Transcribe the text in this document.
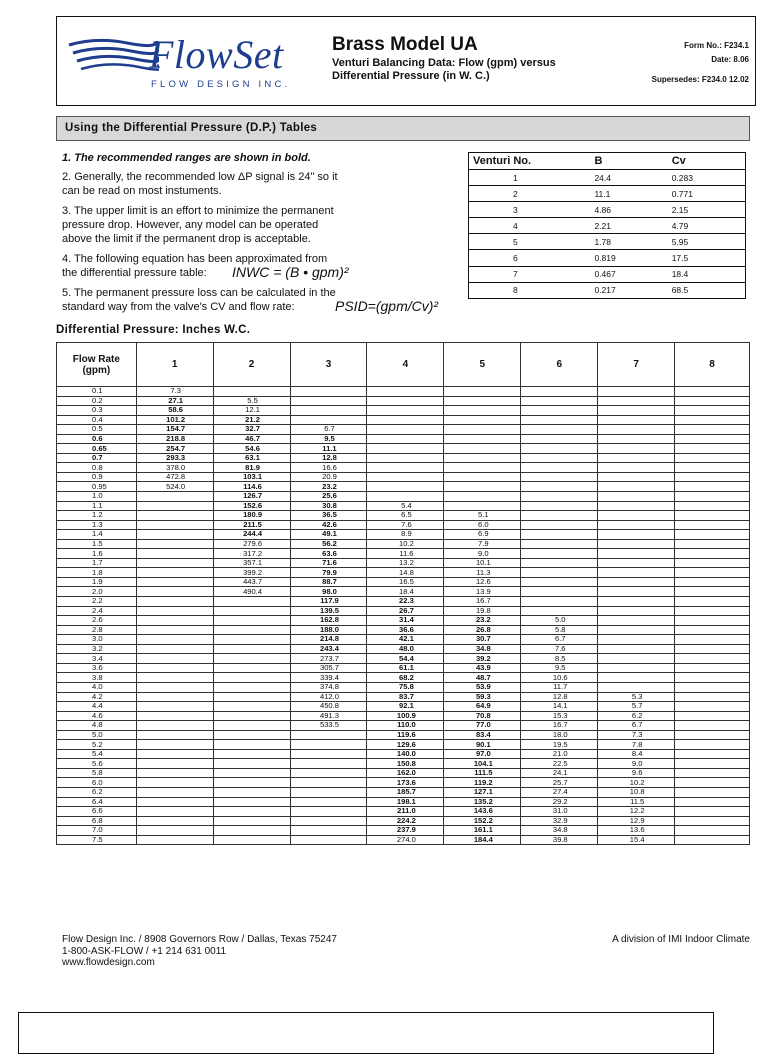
FlowSet
FLOW DESIGN INC.
Brass Model UA
Venturi Balancing Data: Flow (gpm) versus
Differential Pressure (in W. C.)
Form No.: F234.1
Date: 8.06
Supersedes: F234.0 12.02
Using the Differential Pressure (D.P.) Tables
1. The recommended ranges are shown in bold.
2. Generally, the recommended low ΔP signal is 24" so it
can be read on most instuments.
3. The upper limit is an effort to minimize the permanent
pressure drop. However, any model can be operated
above the limit if the permanent drop is acceptable.
4. The following equation has been approximated from
the differential pressure table:	INWC = (B • gpm)²
5. The permanent pressure loss can be calculated in the
standard way from the valve's CV and flow rate:	PSID=(gpm/Cv)²
Venturi No.	B	Cv
1	24.4	0.283
2	11.1	0.771
3	4.86	2.15
4	2.21	4.79
5	1.78	5.95
6	0.819	17.5
7	0.467	18.4
8	0.217	68.5
Differential Pressure: Inches W.C.
Flow Rate
(gpm)	1	2	3	4	5	6	7	8
0.1	7.3							
0.2	27.1	5.5						
0.3	58.6	12.1						
0.4	101.2	21.2						
0.5	154.7	32.7	6.7					
0.6	218.8	46.7	9.5					
0.65	254.7	54.6	11.1					
0.7	293.3	63.1	12.8					
0.8	378.0	81.9	16.6					
0.9	472.8	103.1	20.9					
0.95	524.0	114.6	23.2					
1.0		126.7	25.6					
1.1		152.6	30.8	5.4				
1.2		180.9	36.5	6.5	5.1			
1.3		211.5	42.6	7.6	6.0			
1.4		244.4	49.1	8.9	6.9			
1.5		279.6	56.2	10.2	7.9			
1.6		317.2	63.6	11.6	9.0			
1.7		357.1	71.6	13.2	10.1			
1.8		399.2	79.9	14.8	11.3			
1.9		443.7	88.7	16.5	12.6			
2.0		490.4	98.0	18.4	13.9			
2.2			117.9	22.3	16.7			
2.4			139.5	26.7	19.8			
2.6			162.8	31.4	23.2	5.0		
2.8			188.0	36.6	26.8	5.8		
3.0			214.8	42.1	30.7	6.7		
3.2			243.4	48.0	34.8	7.6		
3.4			273.7	54.4	39.2	8.5		
3.6			305.7	61.1	43.9	9.5		
3.8			339.4	68.2	48.7	10.6		
4.0			374.8	75.8	53.9	11.7		
4.2			412.0	83.7	59.3	12.8	5.3	
4.4			450.8	92.1	64.9	14.1	5.7	
4.6			491.3	100.9	70.8	15.3	6.2	
4.8			533.5	110.0	77.0	16.7	6.7	
5.0				119.6	83.4	18.0	7.3	
5.2				129.6	90.1	19.5	7.8	
5.4				140.0	97.0	21.0	8.4	
5.6				150.8	104.1	22.5	9.0	
5.8				162.0	111.5	24.1	9.6	
6.0				173.6	119.2	25.7	10.2	
6.2				185.7	127.1	27.4	10.8	
6.4				198.1	135.2	29.2	11.5	
6.6				211.0	143.6	31.0	12.2	
6.8				224.2	152.2	32.9	12.9	
7.0				237.9	161.1	34.8	13.6	
7.5				274.0	184.4	39.8	15.4	
Flow Design Inc. / 8908 Governors Row / Dallas, Texas 75247
1-800-ASK-FLOW / +1 214 631 0011
www.flowdesign.com
A division of IMI Indoor Climate
